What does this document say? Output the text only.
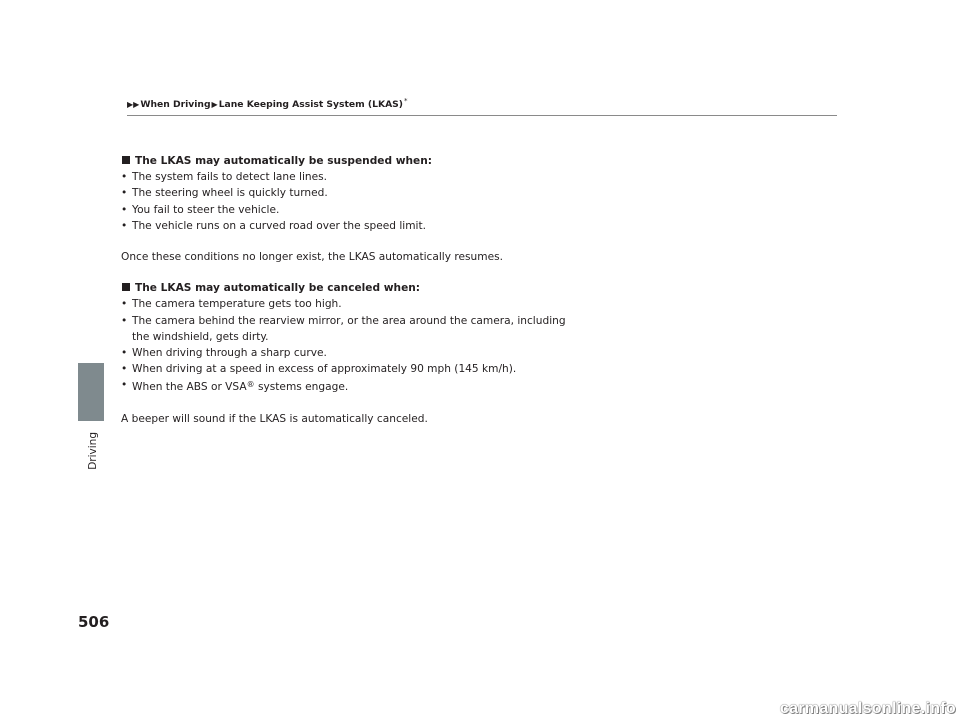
▶▶When Driving▶Lane Keeping Assist System (LKAS)*
Driving
506
The LKAS may automatically be suspended when:
• The system fails to detect lane lines.
• The steering wheel is quickly turned.
• You fail to steer the vehicle.
• The vehicle runs on a curved road over the speed limit.

Once these conditions no longer exist, the LKAS automatically resumes.

The LKAS may automatically be canceled when:
• The camera temperature gets too high.
• The camera behind the rearview mirror, or the area around the camera, including
the windshield, gets dirty.
• When driving through a sharp curve.
• When driving at a speed in excess of approximately 90 mph (145 km/h).
• When the ABS or VSA® systems engage.

A beeper will sound if the LKAS is automatically canceled.

carmanualsonline.info
